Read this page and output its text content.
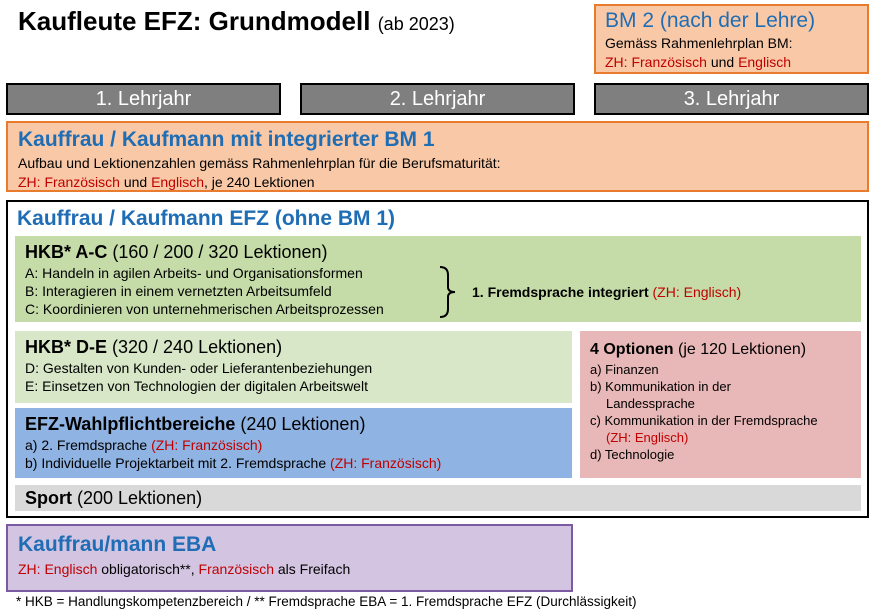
Kaufleute EFZ: Grundmodell (ab 2023)	BM 2 (nach der Lehre)
Gemäss Rahmenlehrplan BM:
ZH: Französisch und Englisch
1. Lehrjahr	2. Lehrjahr	3. Lehrjahr
Kauffrau / Kaufmann mit integrierter BM 1
Aufbau und Lektionenzahlen gemäss Rahmenlehrplan für die Berufsmaturität:
ZH: Französisch und Englisch, je 240 Lektionen
Kauffrau / Kaufmann EFZ (ohne BM 1)
HKB* A-C (160 / 200 / 320 Lektionen)
A: Handeln in agilen Arbeits- und Organisationsformen
B: Interagieren in einem vernetzten Arbeitsumfeld
C: Koordinieren von unternehmerischen Arbeitsprozessen
1. Fremdsprache integriert (ZH: Englisch)
HKB* D-E (320 / 240 Lektionen)
D: Gestalten von Kunden- oder Lieferantenbeziehungen
E: Einsetzen von Technologien der digitalen Arbeitswelt
EFZ-Wahlpflichtbereiche (240 Lektionen)
a) 2. Fremdsprache (ZH: Französisch)
b) Individuelle Projektarbeit mit 2. Fremdsprache (ZH: Französisch)
4 Optionen (je 120 Lektionen)
a) Finanzen
b) Kommunikation in der
Landessprache
c) Kommunikation in der Fremdsprache
(ZH: Englisch)
d) Technologie
Sport (200 Lektionen)
Kauffrau/mann EBA
ZH: Englisch obligatorisch**, Französisch als Freifach
* HKB = Handlungskompetenzbereich / ** Fremdsprache EBA = 1. Fremdsprache EFZ (Durchlässigkeit)
